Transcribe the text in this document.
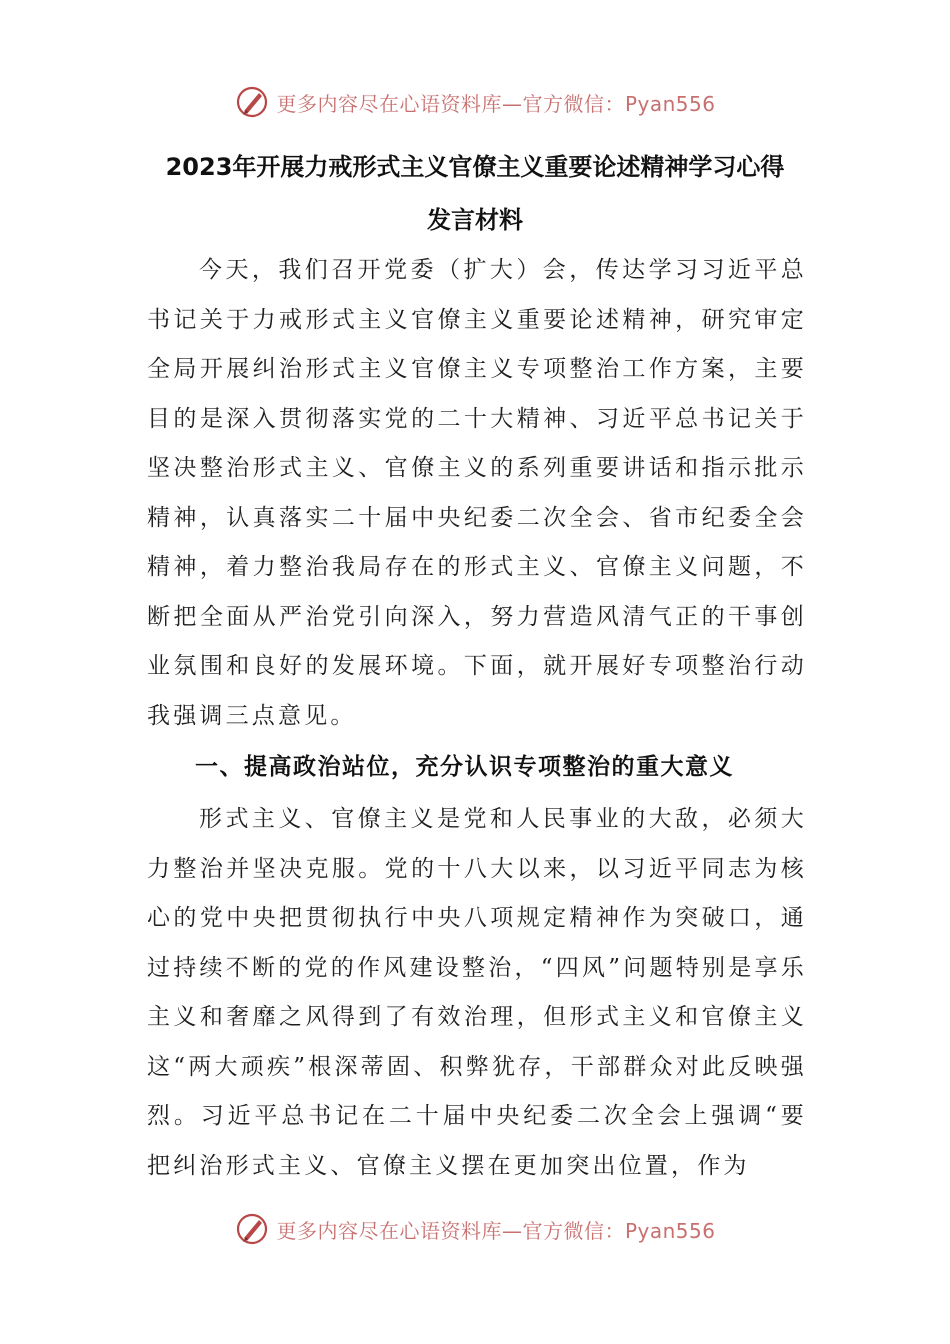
更多内容尽在心语资料库—官方微信：Pyan556
2023年开展力戒形式主义官僚主义重要论述精神学习心得
发言材料

今天，我们召开党委（扩大）会，传达学习习近平总书记关于力戒形式主义官僚主义重要论述精神，研究审定全局开展纠治形式主义官僚主义专项整治工作方案，主要目的是深入贯彻落实党的二十大精神、习近平总书记关于坚决整治形式主义、官僚主义的系列重要讲话和指示批示精神，认真落实二十届中央纪委二次全会、省市纪委全会精神，着力整治我局存在的形式主义、官僚主义问题，不断把全面从严治党引向深入，努力营造风清气正的干事创业氛围和良好的发展环境。下面，就开展好专项整治行动我强调三点意见。

一、提高政治站位，充分认识专项整治的重大意义

形式主义、官僚主义是党和人民事业的大敌，必须大力整治并坚决克服。党的十八大以来，以习近平同志为核心的党中央把贯彻执行中央八项规定精神作为突破口，通过持续不断的党的作风建设整治，“四风”问题特别是享乐主义和奢靡之风得到了有效治理，但形式主义和官僚主义这“两大顽疾”根深蒂固、积弊犹存，干部群众对此反映强烈。习近平总书记在二十届中央纪委二次全会上强调“要把纠治形式主义、官僚主义摆在更加突出位置，作为

更多内容尽在心语资料库—官方微信：Pyan556
